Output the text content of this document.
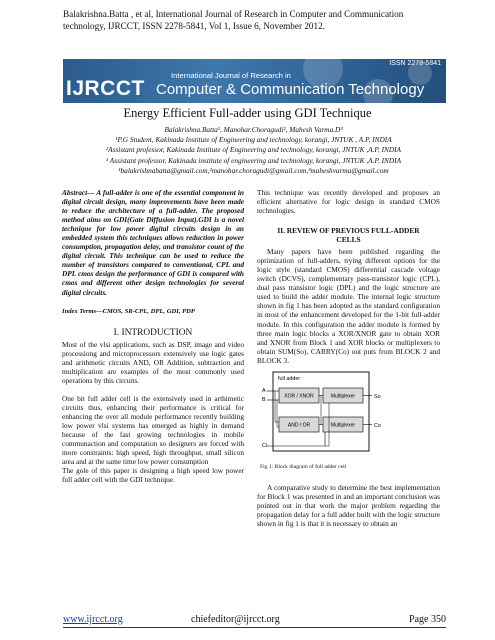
Balakrishna.Batta , et al, International Journal of Research in Computer and Communication technology, IJRCCT, ISSN 2278-5841, Vol 1, Issue 6, November 2012.
ISSN 2278-5841
International Journal of Research in
IJRCCT Computer & Communication Technology
Energy Efficient Full-adder using GDI Technique
Balakrishna.Batta¹, Manohar.Choragudi², Mahesh Varma.D³
¹P.G Student, Kakinada Institute of Engineering and technology, korangi, JNTUK , A.P, INDIA
²Assistant professor, Kakinada Institute of Engineering and technology, korangi, JNTUK ,A.P, INDIA
³ Assistant professor, Kakinada institute of engineering and technology, korangi, JNTUK ,A.P, INDIA
¹balakrishnabatta@gmail.com,²manohar.choragudi@gmail.com,³maheshvarma@gmail.com

Abstract— A full-adder is one of the essential component in digital circuit design, many improvements have been made to reduce the architecture of a full-adder. The proposed method aims on GDI(Gate Diffusion Input).GDI is a novel technique for low power digital circuits design in an embedded system this techniques allows reduction in power consumption, propagation delay, and transistor count of the digital circuit. This technique can be used to reduce the number of transistors compared to conventional, CPL and DPL cmos design the performance of GDI is compared with cmos and different other design technologies for several digital circuits.

Index Terms—CMOS, SR-CPL, DPL, GDI, PDP

I. INTRODUCTION

Most of the vlsi applications, such as DSP, image and video processiong and microprocessors extensively use logic gates and arithmetic circuits AND, OR Addition, subtraction and multiplication are examples of the most commonly used operations by this circuits.

One bit full adder cell is the extensively used in arthimetic circuits thus, enhancing their performance is critical for enhancing the over all module performance recently building low power vlsi systems has emerged as highly in demand because of the fast growing technologies in mobile communaction and computation so designers are forced with more constraints: high speed, high throughput, small silicon area and at the same time low power consumption

The gole of this paper is designing a high speed low power full adder cell with the GDI technique.

This technique was recently developed and proposes an efficient alternative for logic design in standard CMOS technologies.

II. REVIEW OF PREVIOUS FULL-ADDER CELLS

Many papers have been published regarding the optimization of full-adders, trying different options for the logic style (standard CMOS) differential cascade voltage switch (DCVS), complementary pass-transistor logic (CPL), dual pass transistor logic (DPL) and the logic structure are used to build the adder module. The internal logic structure shown in fig 1 has been adopted as the standard configuration in most of the enhancement developed for the 1-bit full-adder module. In this configuration the adder module is formed by three main logic blocks a XOR/XNOR gate to obtain XOR and XNOR from Block 1 and XOR blocks or multiplexers to obtain SUM(So), CARRY(Co) out puts from BLOCK 2 and BLOCK 3.

full adder
XOR / XNOR	Multiplexer
AND / OR	Multiplexer
A
B	So
Co
Ci
Fig 1: Block diagram of full adder cell

A comparative study to determine the best implementation for Block 1 was presented in and an important conclusion was pointed out in that work the major problem regarding the propagation delay for a full adder built with the logic structure shown in fig 1 is that it is necessary to obtain an

www.ijrcct.org	chiefeditor@ijrcct.org	Page 350
